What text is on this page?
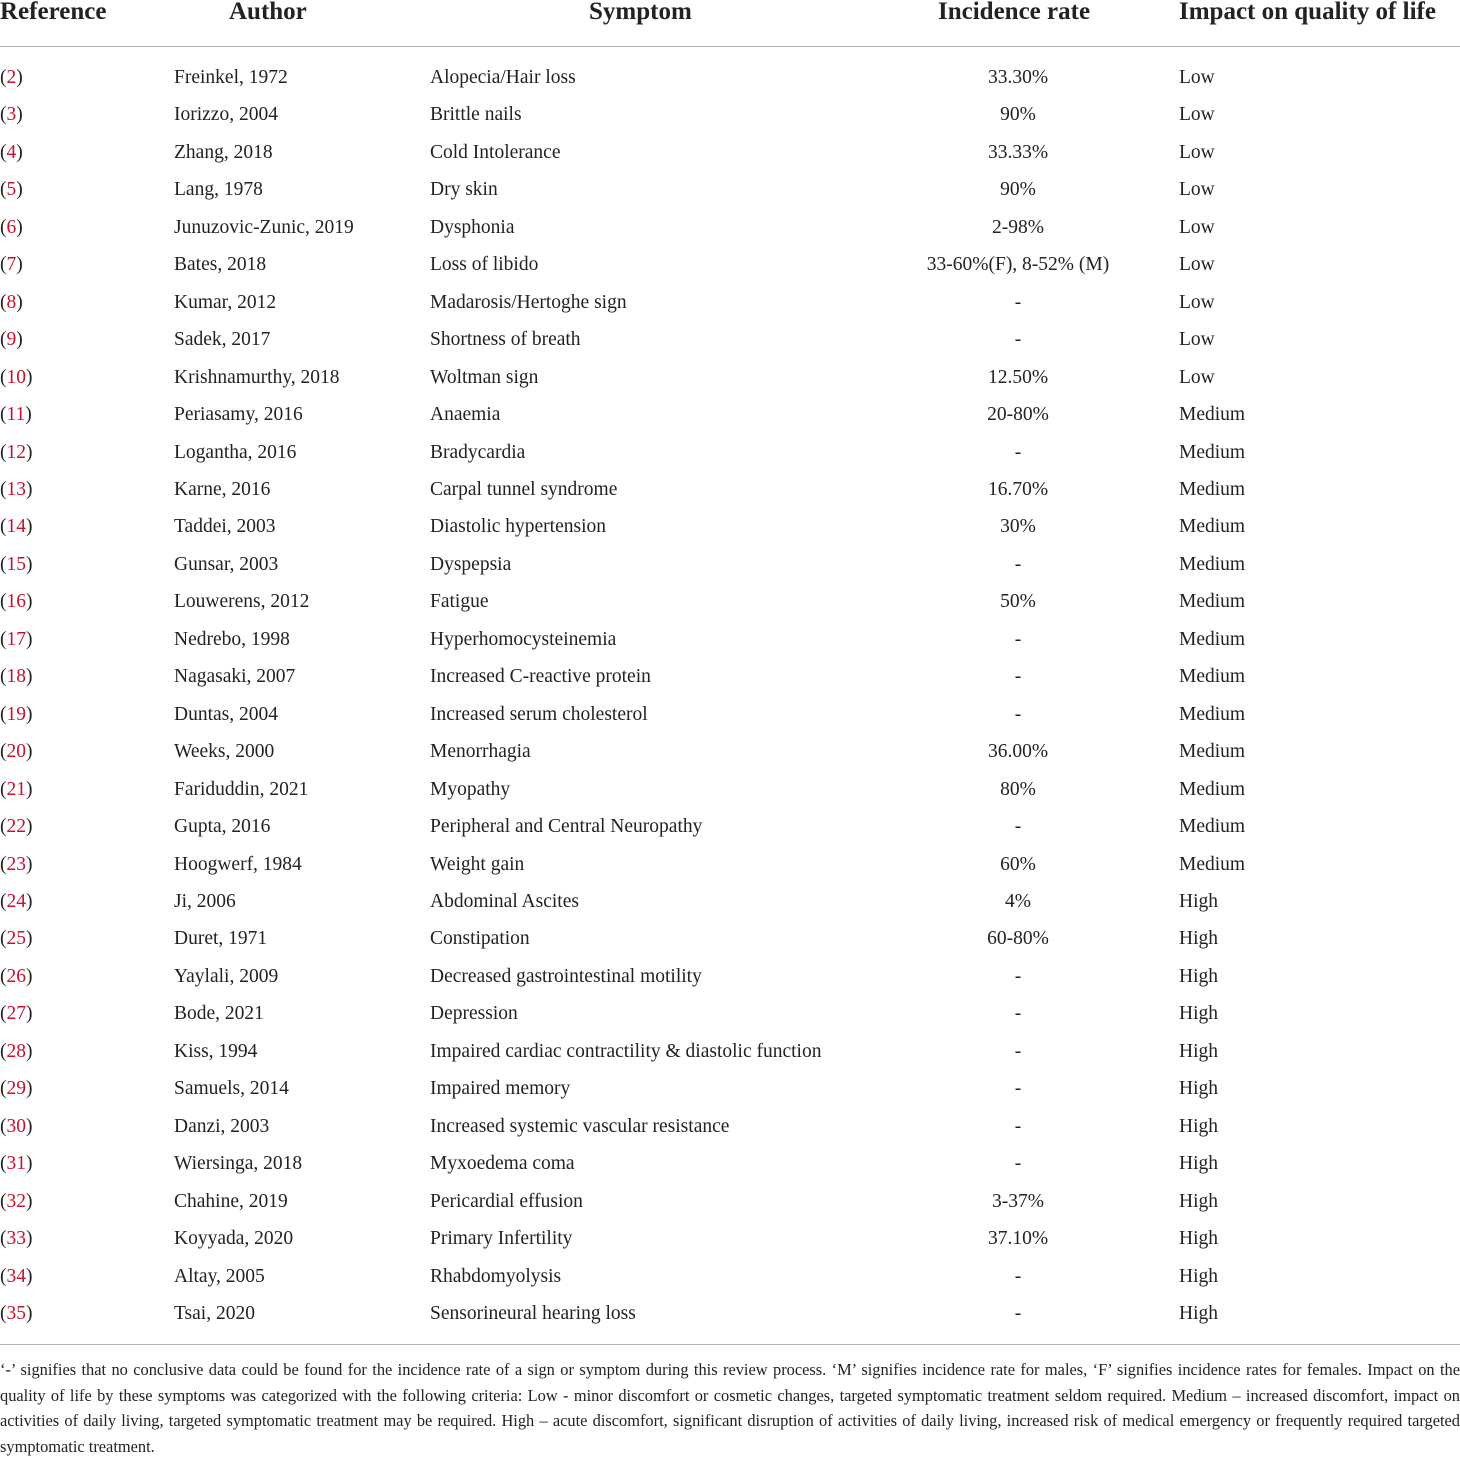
Reference	Author	Symptom	Incidence rate	Impact on quality of life
(2)	Freinkel, 1972	Alopecia/Hair loss	33.30%	Low
(3)	Iorizzo, 2004	Brittle nails	90%	Low
(4)	Zhang, 2018	Cold Intolerance	33.33%	Low
(5)	Lang, 1978	Dry skin	90%	Low
(6)	Junuzovic-Zunic, 2019	Dysphonia	2-98%	Low
(7)	Bates, 2018	Loss of libido	33-60%(F), 8-52% (M)	Low
(8)	Kumar, 2012	Madarosis/Hertoghe sign	-	Low
(9)	Sadek, 2017	Shortness of breath	-	Low
(10)	Krishnamurthy, 2018	Woltman sign	12.50%	Low
(11)	Periasamy, 2016	Anaemia	20-80%	Medium
(12)	Logantha, 2016	Bradycardia	-	Medium
(13)	Karne, 2016	Carpal tunnel syndrome	16.70%	Medium
(14)	Taddei, 2003	Diastolic hypertension	30%	Medium
(15)	Gunsar, 2003	Dyspepsia	-	Medium
(16)	Louwerens, 2012	Fatigue	50%	Medium
(17)	Nedrebo, 1998	Hyperhomocysteinemia	-	Medium
(18)	Nagasaki, 2007	Increased C-reactive protein	-	Medium
(19)	Duntas, 2004	Increased serum cholesterol	-	Medium
(20)	Weeks, 2000	Menorrhagia	36.00%	Medium
(21)	Fariduddin, 2021	Myopathy	80%	Medium
(22)	Gupta, 2016	Peripheral and Central Neuropathy	-	Medium
(23)	Hoogwerf, 1984	Weight gain	60%	Medium
(24)	Ji, 2006	Abdominal Ascites	4%	High
(25)	Duret, 1971	Constipation	60-80%	High
(26)	Yaylali, 2009	Decreased gastrointestinal motility	-	High
(27)	Bode, 2021	Depression	-	High
(28)	Kiss, 1994	Impaired cardiac contractility & diastolic function	-	High
(29)	Samuels, 2014	Impaired memory	-	High
(30)	Danzi, 2003	Increased systemic vascular resistance	-	High
(31)	Wiersinga, 2018	Myxoedema coma	-	High
(32)	Chahine, 2019	Pericardial effusion	3-37%	High
(33)	Koyyada, 2020	Primary Infertility	37.10%	High
(34)	Altay, 2005	Rhabdomyolysis	-	High
(35)	Tsai, 2020	Sensorineural hearing loss	-	High

‘-’ signifies that no conclusive data could be found for the incidence rate of a sign or symptom during this review process. ‘M’ signifies incidence rate for males, ‘F’ signifies incidence rates for females. Impact on the quality of life by these symptoms was categorized with the following criteria: Low - minor discomfort or cosmetic changes, targeted symptomatic treatment seldom required. Medium – increased discomfort, impact on activities of daily living, targeted symptomatic treatment may be required. High – acute discomfort, significant disruption of activities of daily living, increased risk of medical emergency or frequently required targeted symptomatic treatment.
